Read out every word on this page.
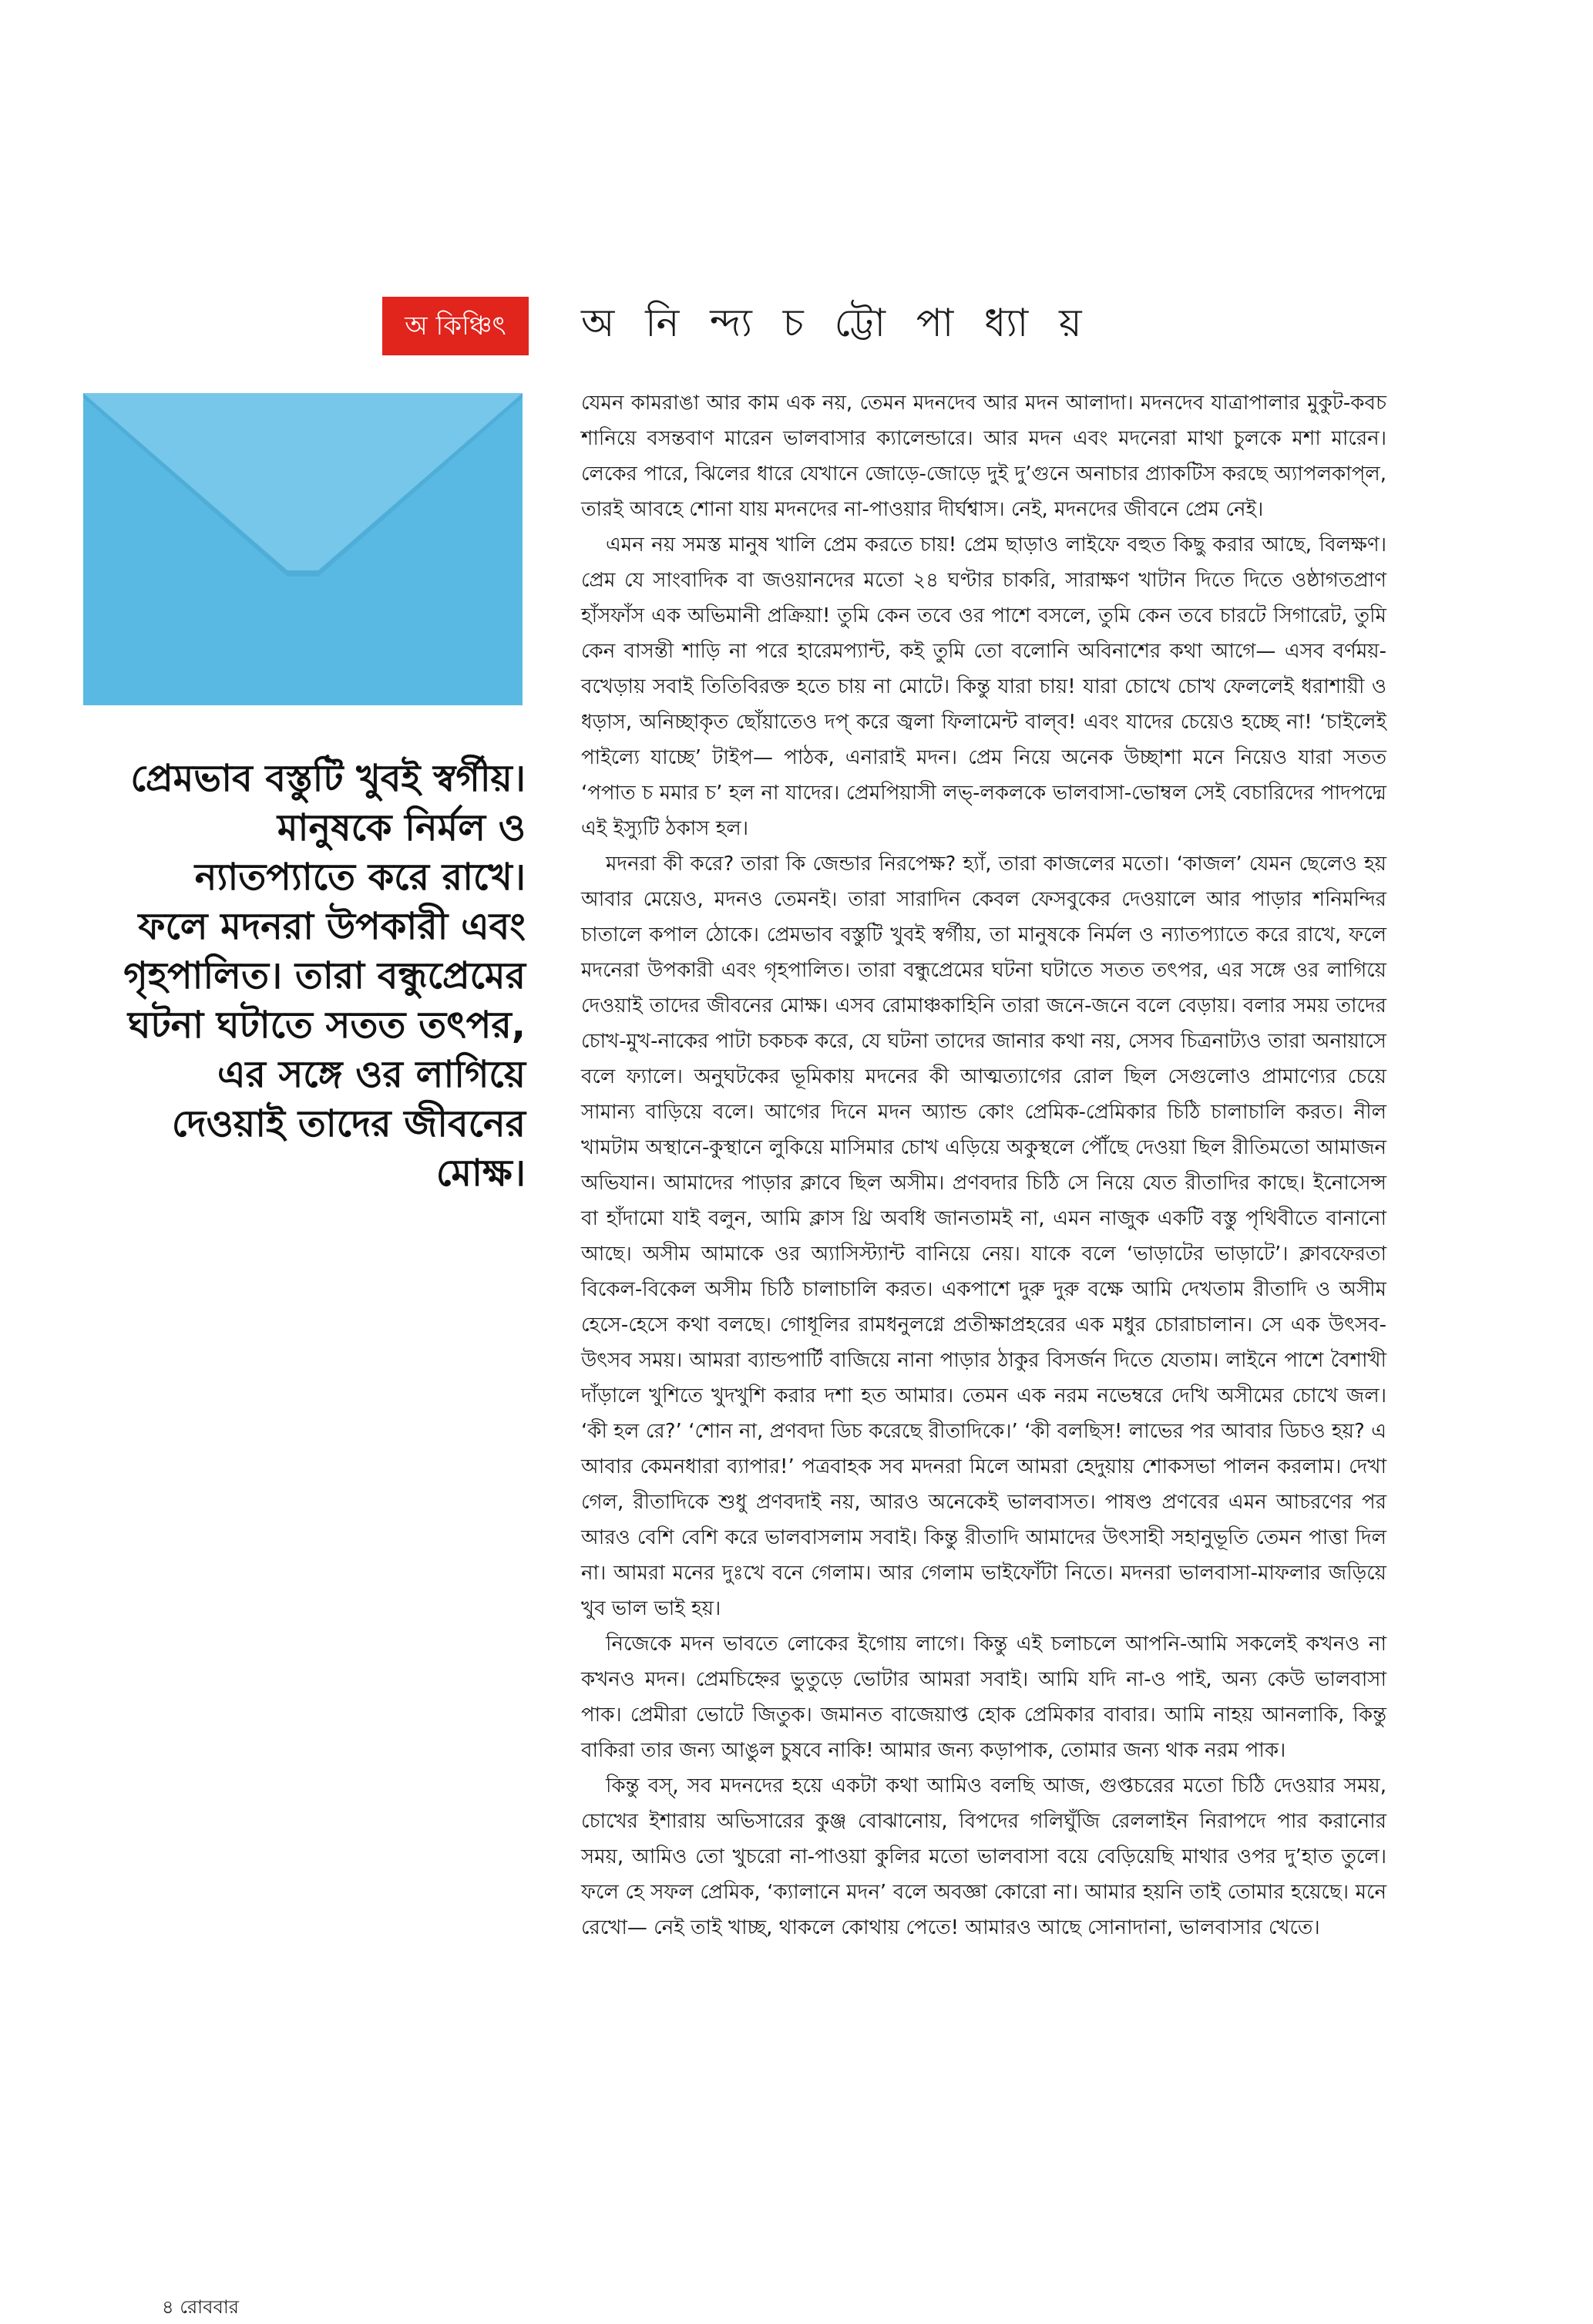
অ কিঞ্চিৎ	অ নি ন্দ্য চ ট্টো পা ধ্যা য়

প্রেমভাব বস্তুটি খুবই স্বর্গীয়। মানুষকে নির্মল ও ন্যাতপ্যাতে করে রাখে। ফলে মদনরা উপকারী এবং গৃহপালিত। তারা বন্ধুপ্রেমের ঘটনা ঘটাতে সতত তৎপর, এর সঙ্গে ওর লাগিয়ে দেওয়াই তাদের জীবনের মোক্ষ।

যেমন কামরাঙা আর কাম এক নয়, তেমন মদনদেব আর মদন আলাদা। মদনদেব যাত্রাপালার মুকুট-কবচ শানিয়ে বসন্তবাণ মারেন ভালবাসার ক্যালেন্ডারে। আর মদন এবং মদনেরা মাথা চুলকে মশা মারেন। লেকের পারে, ঝিলের ধারে যেখানে জোড়ে-জোড়ে দুই দু’গুনে অনাচার প্র্যাকটিস করছে অ্যাপলকাপ্‌ল, তারই আবহে শোনা যায় মদনদের না-পাওয়ার দীর্ঘশ্বাস। নেই, মদনদের জীবনে প্রেম নেই।

এমন নয় সমস্ত মানুষ খালি প্রেম করতে চায়! প্রেম ছাড়াও লাইফে বহুত কিছু করার আছে, বিলক্ষণ। প্রেম যে সাংবাদিক বা জওয়ানদের মতো ২৪ ঘণ্টার চাকরি, সারাক্ষণ খাটান দিতে দিতে ওষ্ঠাগতপ্রাণ হাঁসফাঁস এক অভিমানী প্রক্রিয়া! তুমি কেন তবে ওর পাশে বসলে, তুমি কেন তবে চারটে সিগারেট, তুমি কেন বাসন্তী শাড়ি না পরে হারেমপ্যান্ট, কই তুমি তো বলোনি অবিনাশের কথা আগে— এসব বর্ণময়-বখেড়ায় সবাই তিতিবিরক্ত হতে চায় না মোটে। কিন্তু যারা চায়! যারা চোখে চোখ ফেললেই ধরাশায়ী ও ধড়াস, অনিচ্ছাকৃত ছোঁয়াতেও দপ্ করে জ্বলা ফিলামেন্ট বাল্‌ব! এবং যাদের চেয়েও হচ্ছে না! ‘চাইলেই পাইল্যে যাচ্ছে’ টাইপ— পাঠক, এনারাই মদন। প্রেম নিয়ে অনেক উচ্ছাশা মনে নিয়েও যারা সতত ‘পপাত চ মমার চ’ হল না যাদের। প্রেমপিয়াসী লভ্-লকলকে ভালবাসা-ভোম্বল সেই বেচারিদের পাদপদ্মে এই ইস্যুটি ঠকাস হল।

মদনরা কী করে? তারা কি জেন্ডার নিরপেক্ষ? হ্যাঁ, তারা কাজলের মতো। ‘কাজল’ যেমন ছেলেও হয় আবার মেয়েও, মদনও তেমনই। তারা সারাদিন কেবল ফেসবুকের দেওয়ালে আর পাড়ার শনিমন্দির চাতালে কপাল ঠোকে। প্রেমভাব বস্তুটি খুবই স্বর্গীয়, তা মানুষকে নির্মল ও ন্যাতপ্যাতে করে রাখে, ফলে মদনেরা উপকারী এবং গৃহপালিত। তারা বন্ধুপ্রেমের ঘটনা ঘটাতে সতত তৎপর, এর সঙ্গে ওর লাগিয়ে দেওয়াই তাদের জীবনের মোক্ষ। এসব রোমাঞ্চকাহিনি তারা জনে-জনে বলে বেড়ায়। বলার সময় তাদের চোখ-মুখ-নাকের পাটা চকচক করে, যে ঘটনা তাদের জানার কথা নয়, সেসব চিত্রনাট্যও তারা অনায়াসে বলে ফ্যালে। অনুঘটকের ভূমিকায় মদনের কী আত্মত্যাগের রোল ছিল সেগুলোও প্রামাণ্যের চেয়ে সামান্য বাড়িয়ে বলে। আগের দিনে মদন অ্যান্ড কোং প্রেমিক-প্রেমিকার চিঠি চালাচালি করত। নীল খামটাম অস্থানে-কুস্থানে লুকিয়ে মাসিমার চোখ এড়িয়ে অকুস্থলে পৌঁছে দেওয়া ছিল রীতিমতো আমাজন অভিযান। আমাদের পাড়ার ক্লাবে ছিল অসীম। প্রণবদার চিঠি সে নিয়ে যেত রীতাদির কাছে। ইনোসেন্স বা হাঁদামো যাই বলুন, আমি ক্লাস থ্রি অবধি জানতামই না, এমন নাজুক একটি বস্তু পৃথিবীতে বানানো আছে। অসীম আমাকে ওর অ্যাসিস্ট্যান্ট বানিয়ে নেয়। যাকে বলে ‘ভাড়াটের ভাড়াটে’। ক্লাবফেরতা বিকেল-বিকেল অসীম চিঠি চালাচালি করত। একপাশে দুরু দুরু বক্ষে আমি দেখতাম রীতাদি ও অসীম হেসে-হেসে কথা বলছে। গোধূলির রামধনুলগ্নে প্রতীক্ষাপ্রহরের এক মধুর চোরাচালান। সে এক উৎসব-উৎসব সময়। আমরা ব্যান্ডপার্টি বাজিয়ে নানা পাড়ার ঠাকুর বিসর্জন দিতে যেতাম। লাইনে পাশে বৈশাখী দাঁড়ালে খুশিতে খুদখুশি করার দশা হত আমার। তেমন এক নরম নভেম্বরে দেখি অসীমের চোখে জল। ‘কী হল রে?’ ‘শোন না, প্রণবদা ডিচ করেছে রীতাদিকে।’ ‘কী বলছিস! লাভের পর আবার ডিচও হয়? এ আবার কেমনধারা ব্যাপার!’ পত্রবাহক সব মদনরা মিলে আমরা হেদুয়ায় শোকসভা পালন করলাম। দেখা গেল, রীতাদিকে শুধু প্রণবদাই নয়, আরও অনেকেই ভালবাসত। পাষণ্ড প্রণবের এমন আচরণের পর আরও বেশি বেশি করে ভালবাসলাম সবাই। কিন্তু রীতাদি আমাদের উৎসাহী সহানুভূতি তেমন পাত্তা দিল না। আমরা মনের দুঃখে বনে গেলাম। আর গেলাম ভাইফোঁটা নিতে। মদনরা ভালবাসা-মাফলার জড়িয়ে খুব ভাল ভাই হয়।

নিজেকে মদন ভাবতে লোকের ইগোয় লাগে। কিন্তু এই চলাচলে আপনি-আমি সকলেই কখনও না কখনও মদন। প্রেমচিহ্নের ভুতুড়ে ভোটার আমরা সবাই। আমি যদি না-ও পাই, অন্য কেউ ভালবাসা পাক। প্রেমীরা ভোটে জিতুক। জমানত বাজেয়াপ্ত হোক প্রেমিকার বাবার। আমি নাহয় আনলাকি, কিন্তু বাকিরা তার জন্য আঙুল চুষবে নাকি! আমার জন্য কড়াপাক, তোমার জন্য থাক নরম পাক।

কিন্তু বস্, সব মদনদের হয়ে একটা কথা আমিও বলছি আজ, গুপ্তচরের মতো চিঠি দেওয়ার সময়, চোখের ইশারায় অভিসারের কুঞ্জ বোঝানোয়, বিপদের গলিঘুঁজি রেললাইন নিরাপদে পার করানোর সময়, আমিও তো খুচরো না-পাওয়া কুলির মতো ভালবাসা বয়ে বেড়িয়েছি মাথার ওপর দু’হাত তুলে। ফলে হে সফল প্রেমিক, ‘ক্যালানে মদন’ বলে অবজ্ঞা কোরো না। আমার হয়নি তাই তোমার হয়েছে। মনে রেখো— নেই তাই খাচ্ছ, থাকলে কোথায় পেতে! আমারও আছে সোনাদানা, ভালবাসার খেতে।

৪ রোববার
